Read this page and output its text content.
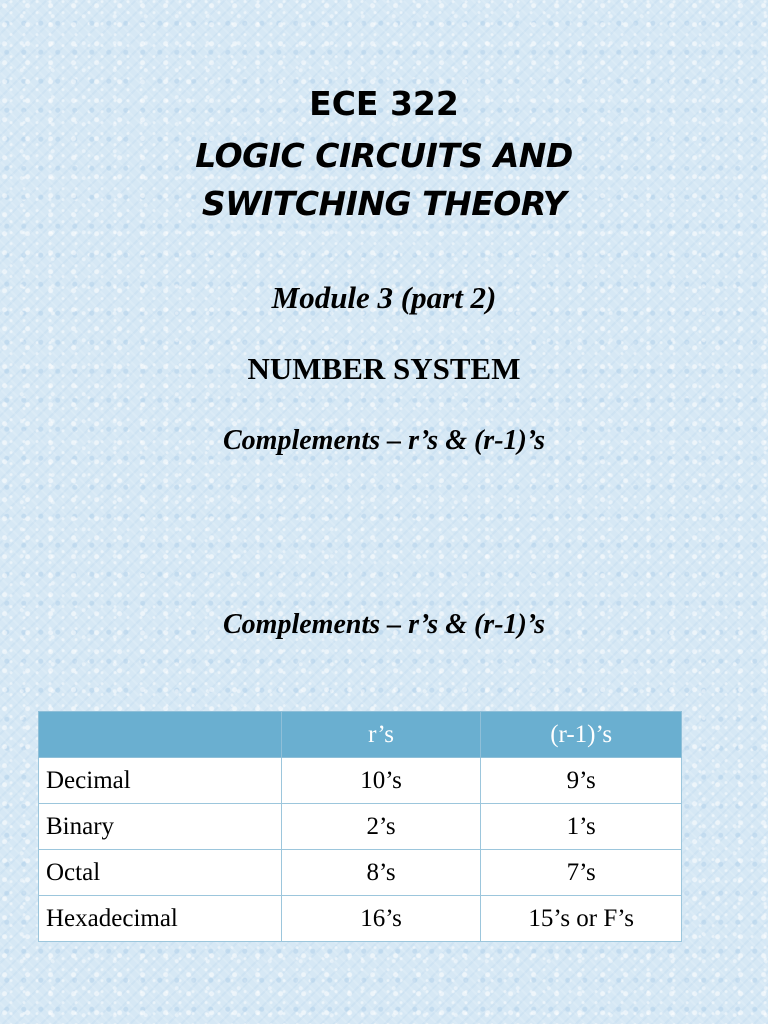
ECE 322
LOGIC CIRCUITS AND
SWITCHING THEORY
Module 3 (part 2)
NUMBER SYSTEM
Complements – r’s & (r-1)’s
Complements – r’s & (r-1)’s
	r’s	(r-1)’s
Decimal	10’s	9’s
Binary	2’s	1’s
Octal	8’s	7’s
Hexadecimal	16’s	15’s or F’s
